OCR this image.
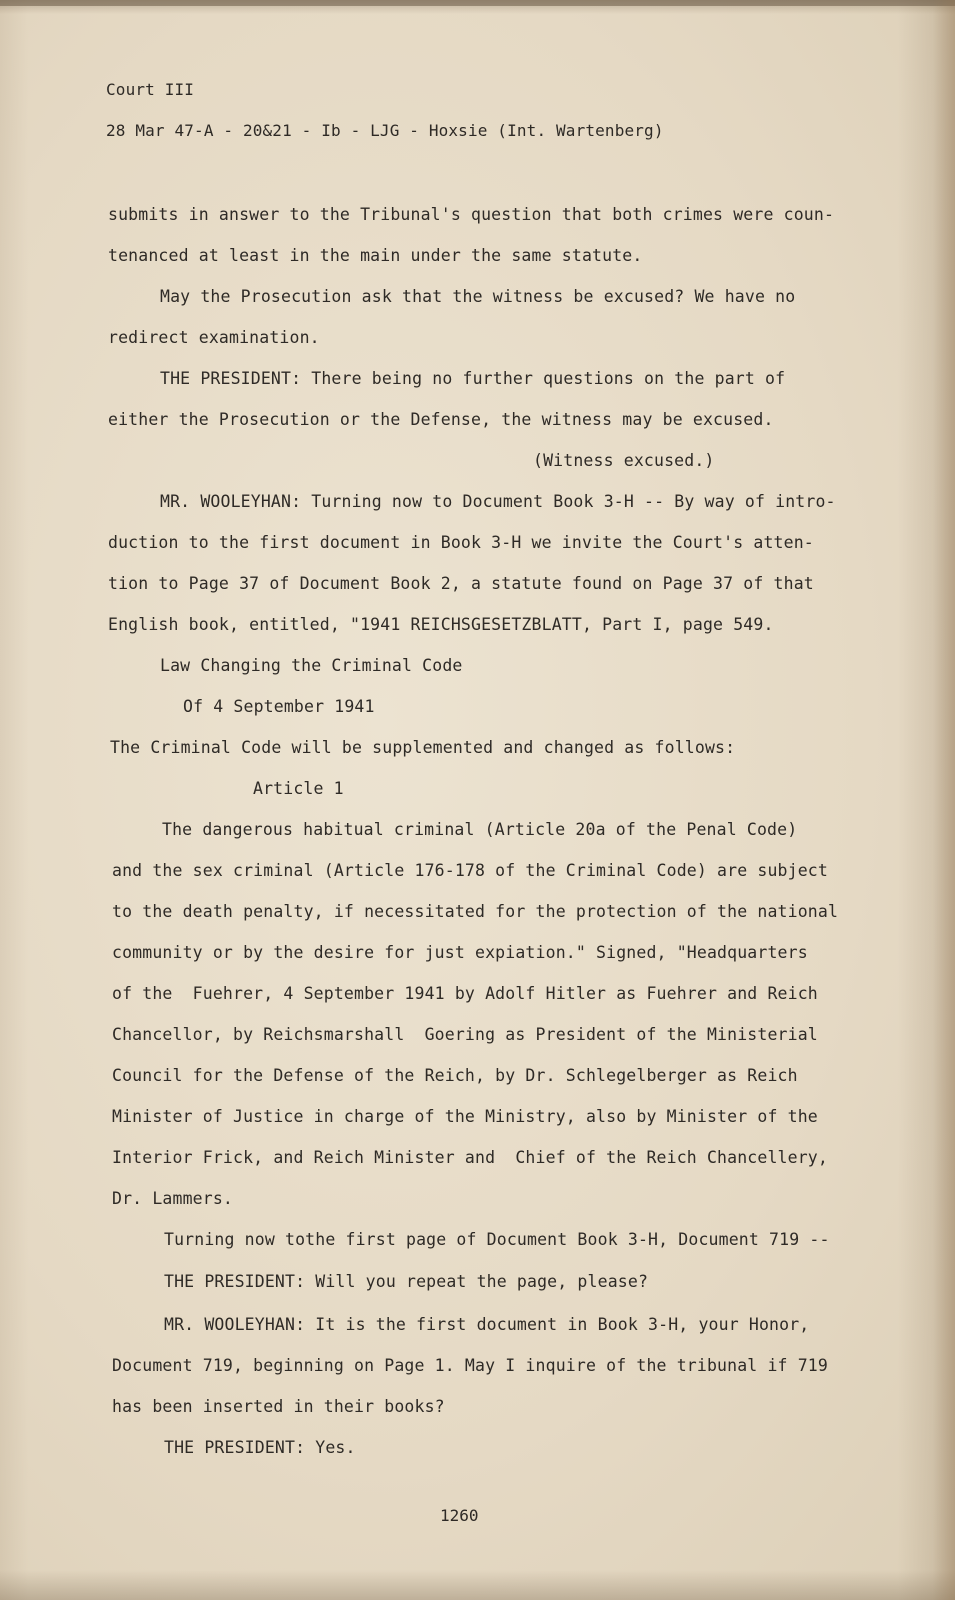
Court III
28 Mar 47-A - 20&21 - Ib - LJG - Hoxsie (Int. Wartenberg)
submits in answer to the Tribunal's question that both crimes were coun-
tenanced at least in the main under the same statute.
May the Prosecution ask that the witness be excused? We have no
redirect examination.
THE PRESIDENT: There being no further questions on the part of
either the Prosecution or the Defense, the witness may be excused.
(Witness excused.)
MR. WOOLEYHAN: Turning now to Document Book 3-H -- By way of intro-
duction to the first document in Book 3-H we invite the Court's atten-
tion to Page 37 of Document Book 2, a statute found on Page 37 of that
English book, entitled, "1941 REICHSGESETZBLATT, Part I, page 549.
Law Changing the Criminal Code
Of 4 September 1941
The Criminal Code will be supplemented and changed as follows:
Article 1
The dangerous habitual criminal (Article 20a of the Penal Code)
and the sex criminal (Article 176-178 of the Criminal Code) are subject
to the death penalty, if necessitated for the protection of the national
community or by the desire for just expiation." Signed, "Headquarters
of the  Fuehrer, 4 September 1941 by Adolf Hitler as Fuehrer and Reich
Chancellor, by Reichsmarshall  Goering as President of the Ministerial
Council for the Defense of the Reich, by Dr. Schlegelberger as Reich
Minister of Justice in charge of the Ministry, also by Minister of the
Interior Frick, and Reich Minister and  Chief of the Reich Chancellery,
Dr. Lammers.
Turning now tothe first page of Document Book 3-H, Document 719 --
THE PRESIDENT: Will you repeat the page, please?
MR. WOOLEYHAN: It is the first document in Book 3-H, your Honor,
Document 719, beginning on Page 1. May I inquire of the tribunal if 719
has been inserted in their books?
THE PRESIDENT: Yes.
1260
